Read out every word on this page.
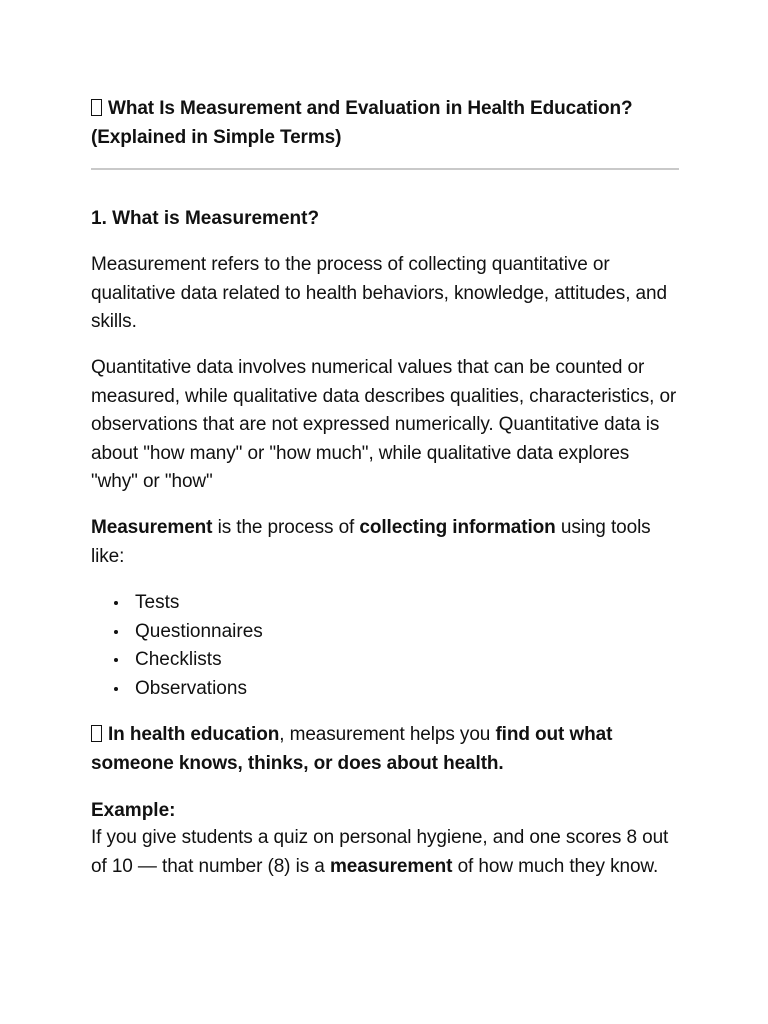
What Is Measurement and Evaluation in Health Education?
(Explained in Simple Terms)
1. What is Measurement?
Measurement refers to the process of collecting quantitative or qualitative data related to health behaviors, knowledge, attitudes, and skills.
Quantitative data involves numerical values that can be counted or measured, while qualitative data describes qualities, characteristics, or observations that are not expressed numerically. Quantitative data is about "how many" or "how much", while qualitative data explores "why" or "how"
Measurement is the process of collecting information using tools like:
Tests
Questionnaires
Checklists
Observations
In health education, measurement helps you find out what someone knows, thinks, or does about health.
Example:
If you give students a quiz on personal hygiene, and one scores 8 out of 10 — that number (8) is a measurement of how much they know.
